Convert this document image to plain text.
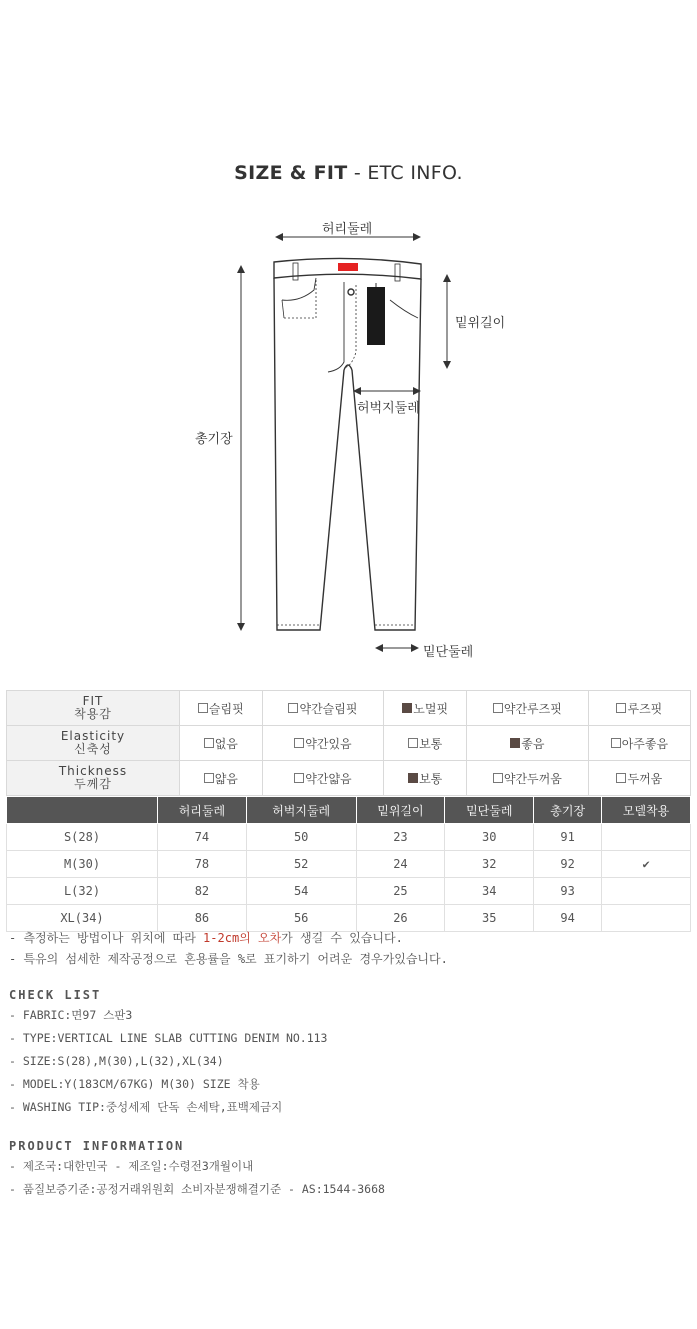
SIZE & FIT - ETC INFO.
허리둘레
밑위길이
허벅지둘레
총기장
밑단둘레
FIT
착용감	슬림핏	약간슬림핏	노멀핏	약간루즈핏	루즈핏

Elasticity
신축성	없음	약간있음	보통	좋음	아주좋음

Thickness
두께감	얇음	약간얇음	보통	약간두꺼움	두꺼움
	허리둘레	허벅지둘레	밑위길이	밑단둘레	총기장	모델착용
S(28)	74	50	23	30	91	
M(30)	78	52	24	32	92	✔
L(32)	82	54	25	34	93	
XL(34)	86	56	26	35	94	
- 측정하는 방법이나 위치에 따라 1-2cm의 오차가 생길 수 있습니다.
- 특유의 섬세한 제작공정으로 혼용률을 %로 표기하기 어려운 경우가있습니다.
CHECK LIST
- FABRIC:면97 스판3
- TYPE:VERTICAL LINE SLAB CUTTING DENIM NO.113
- SIZE:S(28),M(30),L(32),XL(34)
- MODEL:Y(183CM/67KG) M(30) SIZE 착용
- WASHING TIP:중성세제 단독 손세탁,표백제금지
PRODUCT INFORMATION
- 제조국:대한민국 - 제조일:수령전3개월이내
- 품질보증기준:공정거래위원회 소비자분쟁해결기준 - AS:1544-3668
